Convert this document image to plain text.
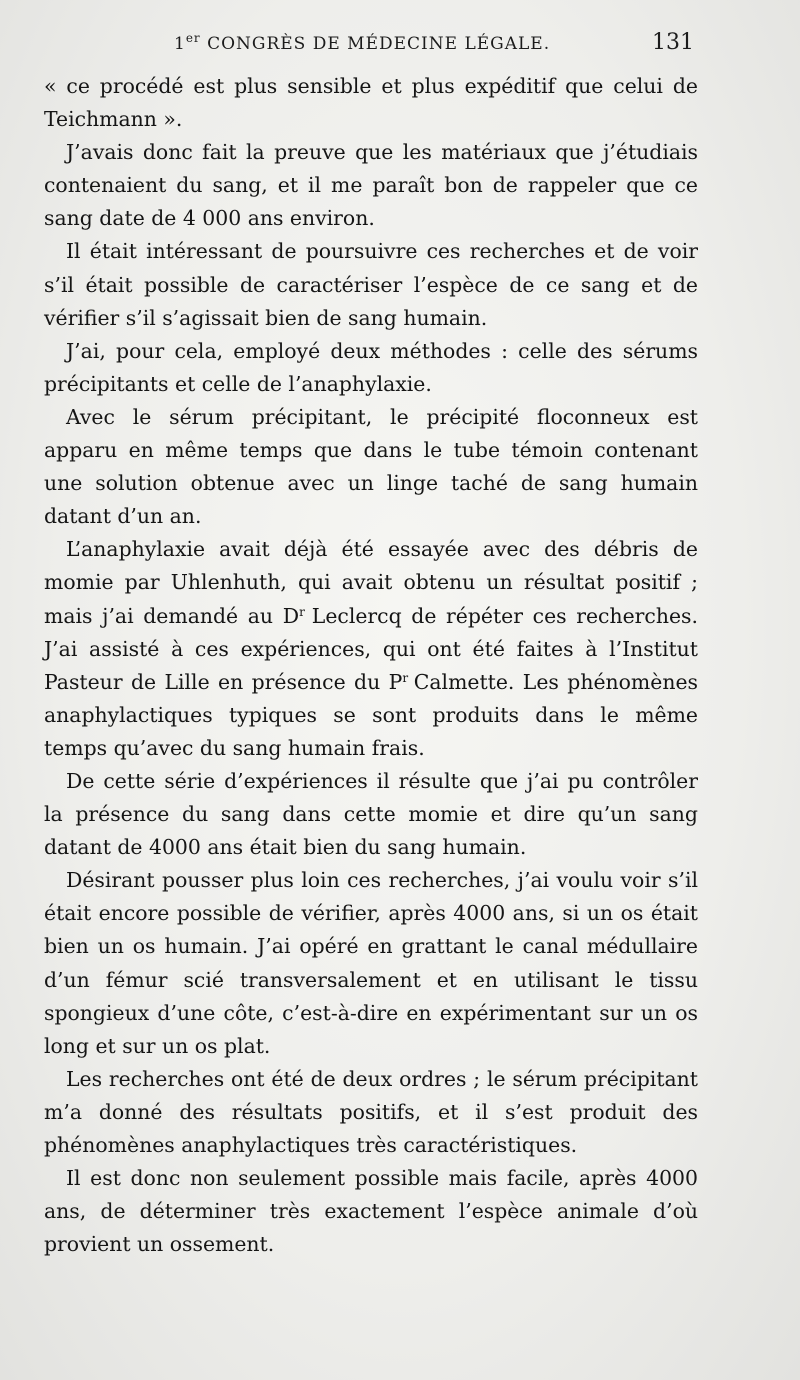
1er CONGRÈS DE MÉDECINE LÉGALE.	131

« ce procédé est plus sensible et plus expéditif que celui de Teichmann ».

J’avais donc fait la preuve que les matériaux que j’étudiais contenaient du sang, et il me paraît bon de rappeler que ce sang date de 4 000 ans environ.

Il était intéressant de poursuivre ces recherches et de voir s’il était possible de caractériser l’espèce de ce sang et de vérifier s’il s’agissait bien de sang humain.

J’ai, pour cela, employé deux méthodes : celle des sérums précipitants et celle de l’anaphylaxie.

Avec le sérum précipitant, le précipité floconneux est apparu en même temps que dans le tube témoin contenant une solution obtenue avec un linge taché de sang humain datant d’un an.

L’anaphylaxie avait déjà été essayée avec des débris de momie par Uhlenhuth, qui avait obtenu un résultat positif ; mais j’ai demandé au $D^r$ Leclercq de répéter ces recherches. J’ai assisté à ces expériences, qui ont été faites à l’Institut Pasteur de Lille en présence du $P^r$ Calmette. Les phénomènes anaphylactiques typiques se sont produits dans le même temps qu’avec du sang humain frais.

De cette série d’expériences il résulte que j’ai pu contrôler la présence du sang dans cette momie et dire qu’un sang datant de 4000 ans était bien du sang humain.

Désirant pousser plus loin ces recherches, j’ai voulu voir s’il était encore possible de vérifier, après 4000 ans, si un os était bien un os humain. J’ai opéré en grattant le canal médullaire d’un fémur scié transversalement et en utilisant le tissu spongieux d’une côte, c’est-à-dire en expérimentant sur un os long et sur un os plat.

Les recherches ont été de deux ordres ; le sérum précipitant m’a donné des résultats positifs, et il s’est produit des phénomènes anaphylactiques très caractéristiques.

Il est donc non seulement possible mais facile, après 4000 ans, de déterminer très exactement l’espèce animale d’où provient un ossement.
